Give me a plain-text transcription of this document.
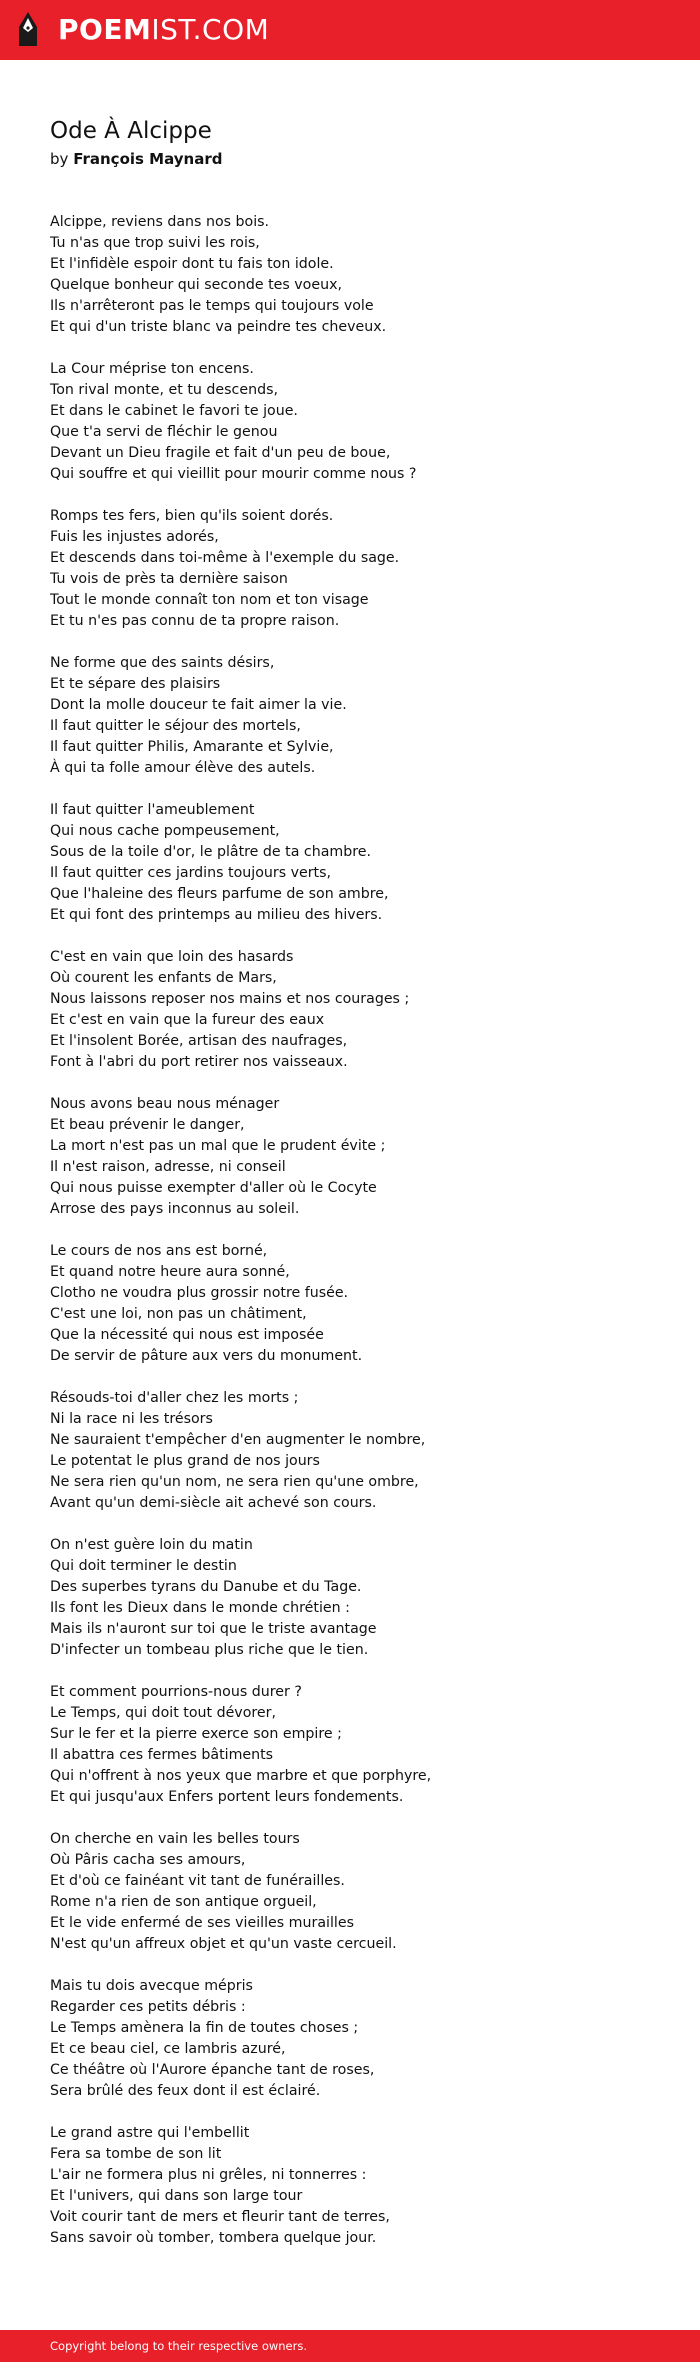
POEMIST.COM
Ode À Alcippe

by François Maynard

Alcippe, reviens dans nos bois.
Tu n'as que trop suivi les rois,
Et l'infidèle espoir dont tu fais ton idole.
Quelque bonheur qui seconde tes voeux,
Ils n'arrêteront pas le temps qui toujours vole
Et qui d'un triste blanc va peindre tes cheveux.
La Cour méprise ton encens.
Ton rival monte, et tu descends,
Et dans le cabinet le favori te joue.
Que t'a servi de fléchir le genou
Devant un Dieu fragile et fait d'un peu de boue,
Qui souffre et qui vieillit pour mourir comme nous ?
Romps tes fers, bien qu'ils soient dorés.
Fuis les injustes adorés,
Et descends dans toi-même à l'exemple du sage.
Tu vois de près ta dernière saison
Tout le monde connaît ton nom et ton visage
Et tu n'es pas connu de ta propre raison.
Ne forme que des saints désirs,
Et te sépare des plaisirs
Dont la molle douceur te fait aimer la vie.
Il faut quitter le séjour des mortels,
Il faut quitter Philis, Amarante et Sylvie,
À qui ta folle amour élève des autels.
Il faut quitter l'ameublement
Qui nous cache pompeusement,
Sous de la toile d'or, le plâtre de ta chambre.
Il faut quitter ces jardins toujours verts,
Que l'haleine des fleurs parfume de son ambre,
Et qui font des printemps au milieu des hivers.
C'est en vain que loin des hasards
Où courent les enfants de Mars,
Nous laissons reposer nos mains et nos courages ;
Et c'est en vain que la fureur des eaux
Et l'insolent Borée, artisan des naufrages,
Font à l'abri du port retirer nos vaisseaux.
Nous avons beau nous ménager
Et beau prévenir le danger,
La mort n'est pas un mal que le prudent évite ;
Il n'est raison, adresse, ni conseil
Qui nous puisse exempter d'aller où le Cocyte
Arrose des pays inconnus au soleil.
Le cours de nos ans est borné,
Et quand notre heure aura sonné,
Clotho ne voudra plus grossir notre fusée.
C'est une loi, non pas un châtiment,
Que la nécessité qui nous est imposée
De servir de pâture aux vers du monument.
Résouds-toi d'aller chez les morts ;
Ni la race ni les trésors
Ne sauraient t'empêcher d'en augmenter le nombre,
Le potentat le plus grand de nos jours
Ne sera rien qu'un nom, ne sera rien qu'une ombre,
Avant qu'un demi-siècle ait achevé son cours.
On n'est guère loin du matin
Qui doit terminer le destin
Des superbes tyrans du Danube et du Tage.
Ils font les Dieux dans le monde chrétien :
Mais ils n'auront sur toi que le triste avantage
D'infecter un tombeau plus riche que le tien.
Et comment pourrions-nous durer ?
Le Temps, qui doit tout dévorer,
Sur le fer et la pierre exerce son empire ;
Il abattra ces fermes bâtiments
Qui n'offrent à nos yeux que marbre et que porphyre,
Et qui jusqu'aux Enfers portent leurs fondements.
On cherche en vain les belles tours
Où Pâris cacha ses amours,
Et d'où ce fainéant vit tant de funérailles.
Rome n'a rien de son antique orgueil,
Et le vide enfermé de ses vieilles murailles
N'est qu'un affreux objet et qu'un vaste cercueil.
Mais tu dois avecque mépris
Regarder ces petits débris :
Le Temps amènera la fin de toutes choses ;
Et ce beau ciel, ce lambris azuré,
Ce théâtre où l'Aurore épanche tant de roses,
Sera brûlé des feux dont il est éclairé.
Le grand astre qui l'embellit
Fera sa tombe de son lit
L'air ne formera plus ni grêles, ni tonnerres :
Et l'univers, qui dans son large tour
Voit courir tant de mers et fleurir tant de terres,
Sans savoir où tomber, tombera quelque jour.
Copyright belong to their respective owners.
